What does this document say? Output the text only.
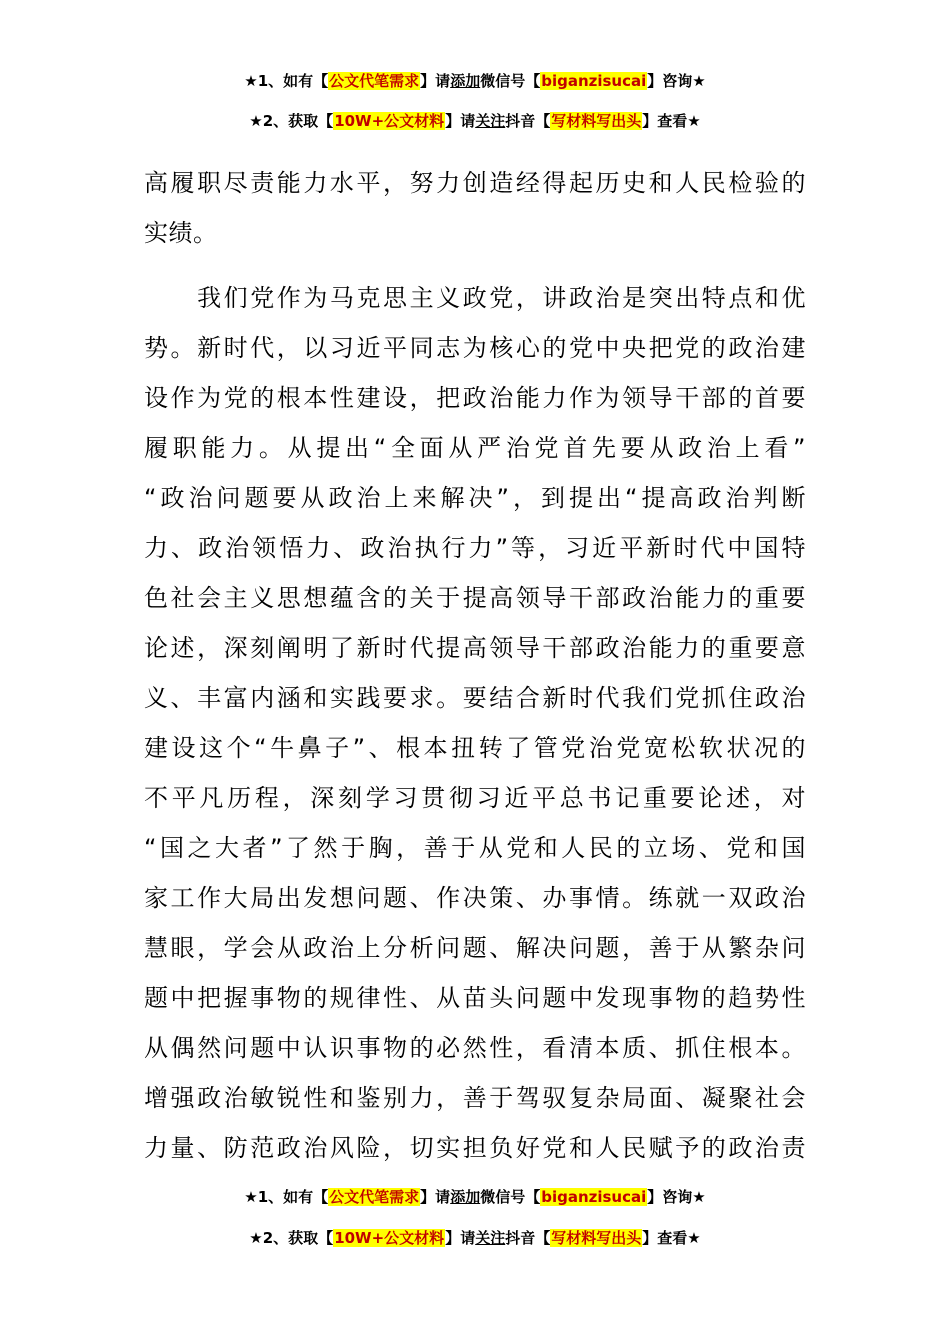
★1、如有【公文代笔需求】请添加微信号【biganzisucai】咨询★
★2、获取【10W+公文材料】请关注抖音【写材料写出头】查看★
高履职尽责能力水平，努力创造经得起历史和人民检验的
实绩。
　　我们党作为马克思主义政党，讲政治是突出特点和优
势。新时代，以习近平同志为核心的党中央把党的政治建
设作为党的根本性建设，把政治能力作为领导干部的首要
履职能力。从提出“全面从严治党首先要从政治上看”
“政治问题要从政治上来解决”，到提出“提高政治判断
力、政治领悟力、政治执行力”等，习近平新时代中国特
色社会主义思想蕴含的关于提高领导干部政治能力的重要
论述，深刻阐明了新时代提高领导干部政治能力的重要意
义、丰富内涵和实践要求。要结合新时代我们党抓住政治
建设这个“牛鼻子”、根本扭转了管党治党宽松软状况的
不平凡历程，深刻学习贯彻习近平总书记重要论述，对
“国之大者”了然于胸，善于从党和人民的立场、党和国
家工作大局出发想问题、作决策、办事情。练就一双政治
慧眼，学会从政治上分析问题、解决问题，善于从繁杂问
题中把握事物的规律性、从苗头问题中发现事物的趋势性
从偶然问题中认识事物的必然性，看清本质、抓住根本。
增强政治敏锐性和鉴别力，善于驾驭复杂局面、凝聚社会
力量、防范政治风险，切实担负好党和人民赋予的政治责
★1、如有【公文代笔需求】请添加微信号【biganzisucai】咨询★
★2、获取【10W+公文材料】请关注抖音【写材料写出头】查看★
